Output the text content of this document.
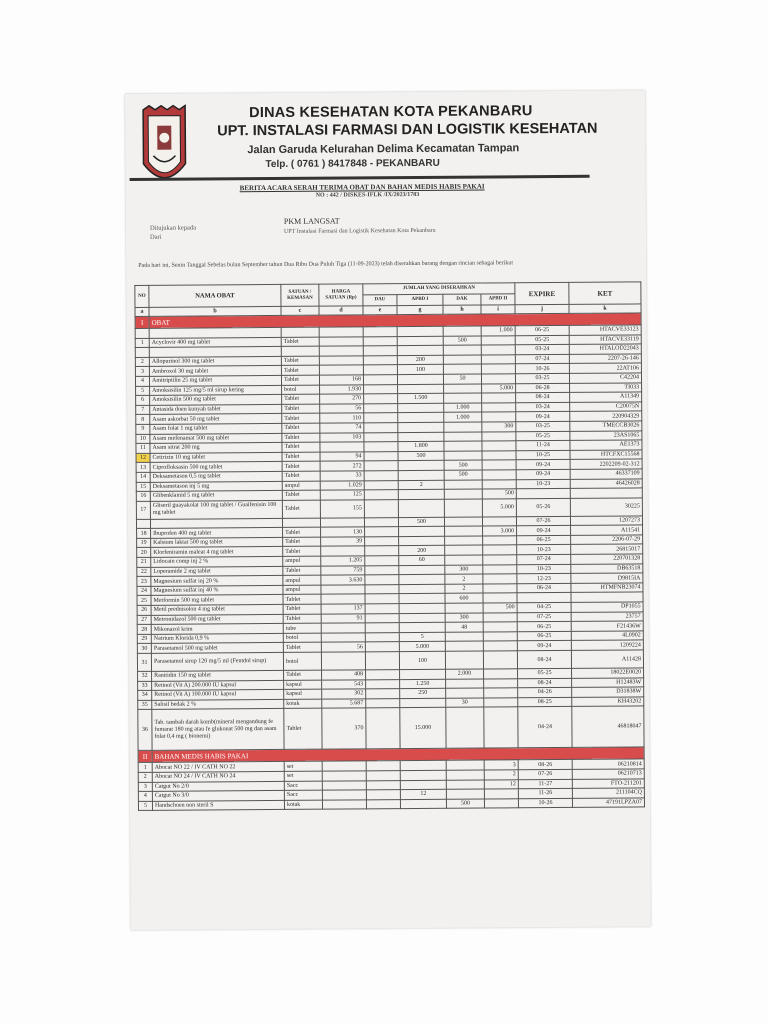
DINAS KESEHATAN KOTA PEKANBARU
UPT. INSTALASI FARMASI DAN LOGISTIK KESEHATAN
Jalan Garuda Kelurahan Delima Kecamatan Tampan
Telp. ( 0761 ) 8417848 - PEKANBARU
BERITA ACARA SERAH TERIMA OBAT DAN BAHAN MEDIS HABIS PAKAI
NO : 442 / DISKES-IFLK /IX/2023/1783
Ditujukan kepada
Dari
PKM LANGSAT
UPT Instalasi Farmasi dan Logistik Kesehatan Kota Pekanbaru
Pada hari ini, Senin Tanggal Sebelas bulan September tahun Dua Ribu Dua Puluh Tiga (11-09-2023) telah diserahkan barang dengan rincian sebagai berikut
NO	NAMA OBAT	SATUAN / KEMASAN	HARGA SATUAN (Rp)	JUMLAH YANG DISERAHKAN				EXPIRE	KET
				DAU	APBD I	DAK	APBD II		
a	b	c	d	e	g	h	i	j	k
I	OBAT								
							1.000	06-25	HTACVE33123
1	Acyclovir 400 mg tablet	Tablet				500		05-25	HTACVE33119
								03-24	HTALOD22043
2	Allopurinol 300 mg tablet	Tablet			200			07-24	2207-26-146
3	Ambroxol 30 mg tablet	Tablet			100			10-26	22AT106
4	Amitriptilin 25 mg tablet	Tablet	168			50		03-25	C42204
5	Amoksisilin 125 mg/5 ml sirup kering	botol	1.930				5.000	06-28	TI033
6	Amoksisilin 500 mg tablet	Tablet	270		1.500			08-24	A11349
7	Antasida doen kunyah tablet	Tablet	56			1.000		03-24	C20075N
8	Asam askorbat 50 mg tablet	Tablet	110			1.000		09-24	220904329
9	Asam folat 1 mg tablet	Tablet	74				300	03-25	TMECCB3026
10	Asam mefenamat 500 mg tablet	Tablet	103					05-25	23AS1065
11	Asam sitrat 200 mg	Tablet			1.800			11-24	AE1373
12	Cetirizin 10 mg tablet	Tablet	94		500			10-25	HTCFXC15568
13	Ciprofloksasin 500 mg tablet	Tablet	272			500		09-24	2202209-02-312
14	Deksametason 0,5 mg tablet	Tablet	33			500		09-24	46337109
15	Deksametason inj 5 mg	ampul	1.029		2			10-23	46426028
16	Glibenklamid 5 mg tablet	Tablet	125				500		
17	Gliseril guayakolat 100 mg tablet / Guaifenisin 100 mg tablet	Tablet	155				5.000	05-26	30225
					500			07-26	1207273
18	Ibuprofen 400 mg tablet	Tablet	130				3.000	09-24	A11541
19	Kalsium laktat 500 mg tablet	Tablet	39					06-25	2206-07-29
20	Klorfeniramin maleat 4 mg tablet	Tablet			200			10-23	26815017
21	Lidocain comp inj 2 %	ampul	1.205		60			07-24	220701328
22	Loperamide 2 mg tablet	Tablet	759			300		10-23	DB63518
23	Magnesium sulfat inj 20 %	ampul	3.630			2		12-23	D9815IA
24	Magnesium sulfat inj 40 %	ampul				2		06-24	HTMFNB23074
25	Metformin 500 mg tablet	Tablet				600			
26	Metil prednisolon 4 mg tablet	Tablet	137				500	04-25	DP1055
27	Metronidazol 500 mg tablet	Tablet	91			300		07-25	23757
28	Mikonazol krim	tube				48		06-25	F21436W
29	Natrium Klorida 0,9 %	botol			5			06-25	4L0902
30	Parasetamol 500 mg tablet	Tablet	56		5.000			09-24	1209224
31	Parasetamol sirup 120 mg/5 ml (Fentdol sirup)	botol			100			08-24	A11428
32	Ranitidin 150 mg tablet	Tablet	408			2.000		05-25	18022E0020
33	Retinol (Vit A) 200.000 IU kapsul	kapsul	543		1.250			08-24	H12483W
34	Retinol (Vit A) 100.000 IU kapsul	kapsul	302		250			04-26	D31838W
35	Salisil bedak 2 %	kotak	5.687			30		08-25	KH43202
36	Tab. tambah darah komb(mineral mengandung fe fumarat 180 mg atau fe glukonat 500 mg dan asam folat 0,4 mg ( bionemi)	Tablet	370		15.000			04-24	46818047
II	BAHAN MEDIS HABIS PAKAI								
1	Abocat NO 22 / IV CATH NO 22	set					3	08-26	06210814
2	Abocat NO 24 / IV CATH NO 24	set					2	07-26	06210713
3	Catgut No 2/0	Sacc					12	11-27	FTO-211201
4	Catgut No 3/0	Sacc			12			11-26	211104CQ
5	Handschoen non steril S	kotak				500		10-26	47191LPZA07
